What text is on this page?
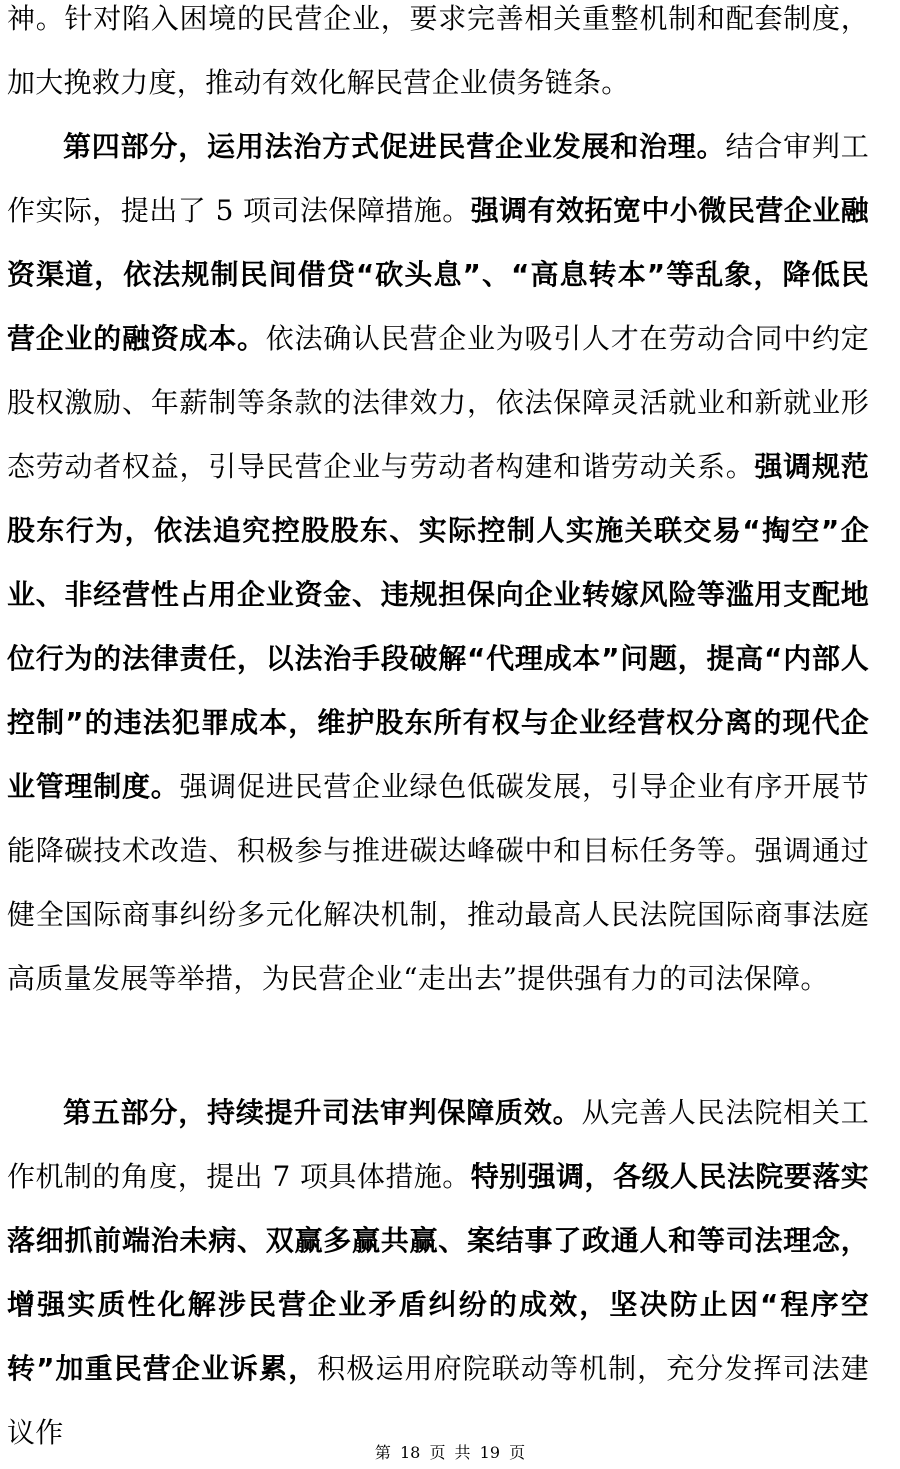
神。针对陷入困境的民营企业，要求完善相关重整机制和配套制度，加大挽救力度，推动有效化解民营企业债务链条。

第四部分，运用法治方式促进民营企业发展和治理。结合审判工作实际，提出了 5 项司法保障措施。强调有效拓宽中小微民营企业融资渠道，依法规制民间借贷“砍头息”、“高息转本”等乱象，降低民营企业的融资成本。依法确认民营企业为吸引人才在劳动合同中约定股权激励、年薪制等条款的法律效力，依法保障灵活就业和新就业形态劳动者权益，引导民营企业与劳动者构建和谐劳动关系。强调规范股东行为，依法追究控股股东、实际控制人实施关联交易“掏空”企业、非经营性占用企业资金、违规担保向企业转嫁风险等滥用支配地位行为的法律责任，以法治手段破解“代理成本”问题，提高“内部人控制”的违法犯罪成本，维护股东所有权与企业经营权分离的现代企业管理制度。强调促进民营企业绿色低碳发展，引导企业有序开展节能降碳技术改造、积极参与推进碳达峰碳中和目标任务等。强调通过健全国际商事纠纷多元化解决机制，推动最高人民法院国际商事法庭高质量发展等举措，为民营企业“走出去”提供强有力的司法保障。

第五部分，持续提升司法审判保障质效。从完善人民法院相关工作机制的角度，提出 7 项具体措施。特别强调，各级人民法院要落实落细抓前端治未病、双赢多赢共赢、案结事了政通人和等司法理念，增强实质性化解涉民营企业矛盾纠纷的成效，坚决防止因“程序空转”加重民营企业诉累，积极运用府院联动等机制，充分发挥司法建议作

第 18 页 共 19 页
